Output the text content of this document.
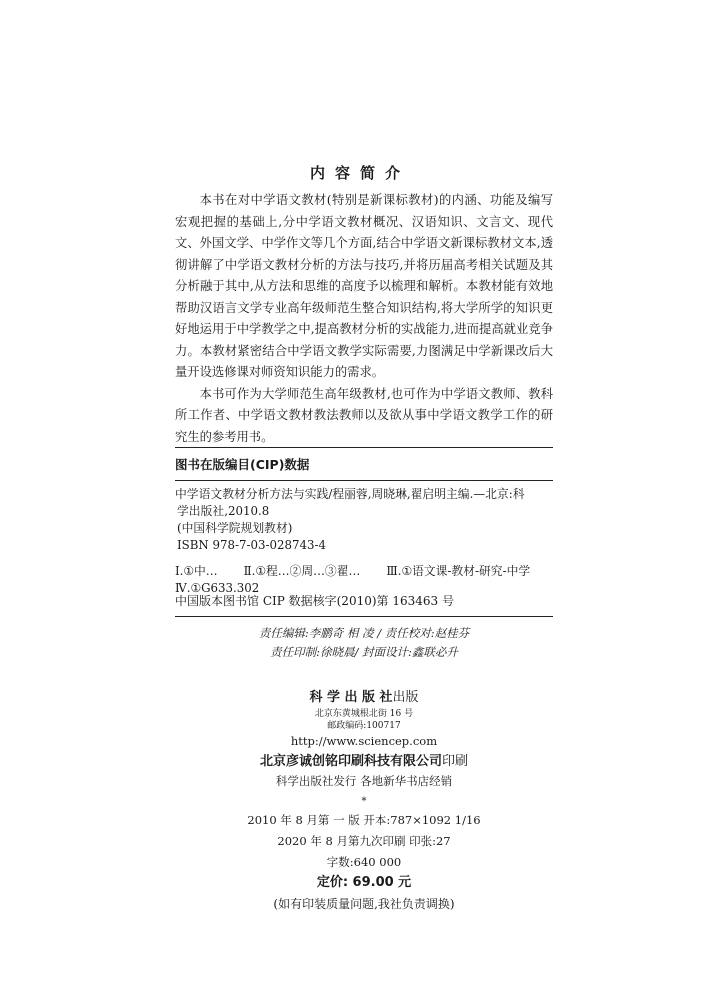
内容简介

本书在对中学语文教材(特别是新课标教材)的内涵、功能及编写宏观把握的基础上,分中学语文教材概况、汉语知识、文言文、现代文、外国文学、中学作文等几个方面,结合中学语文新课标教材文本,透彻讲解了中学语文教材分析的方法与技巧,并将历届高考相关试题及其分析融于其中,从方法和思维的高度予以梳理和解析。本教材能有效地帮助汉语言文学专业高年级师范生整合知识结构,将大学所学的知识更好地运用于中学教学之中,提高教材分析的实战能力,进而提高就业竞争力。本教材紧密结合中学语文教学实际需要,力图满足中学新课改后大量开设选修课对师资知识能力的需求。

本书可作为大学师范生高年级教材,也可作为中学语文教师、教科所工作者、中学语文教材教法教师以及欲从事中学语文教学工作的研究生的参考用书。

图书在版编目(CIP)数据
中学语文教材分析方法与实践/程丽蓉,周晓琳,翟启明主编.—北京:科
学出版社,2010.8
(中国科学院规划教材)
ISBN 978-7-03-028743-4
Ⅰ.①中… Ⅱ.①程…②周…③翟… Ⅲ.①语文课-教材-研究-中学
Ⅳ.①G633.302
中国版本图书馆 CIP 数据核字(2010)第 163463 号
责任编辑:李鹏奇 相 凌 / 责任校对:赵桂芬
责任印制:徐晓晨/ 封面设计:鑫联必升
科 学 出 版 社出版
北京东黄城根北街 16 号
邮政编码:100717
http://www.sciencep.com
北京彦诚创铭印刷科技有限公司印刷
科学出版社发行 各地新华书店经销
*
2010 年 8 月第 一 版 开本:787×1092 1/16
2020 年 8 月第九次印刷 印张:27
字数:640 000
定价: 69.00 元
(如有印装质量问题,我社负责调换)
